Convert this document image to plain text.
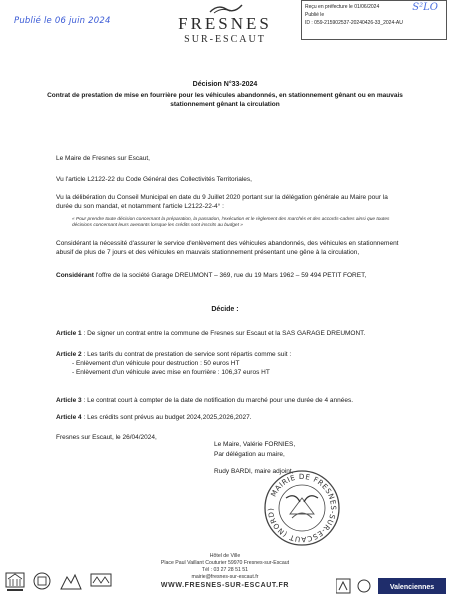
Publié le 06 juin 2024
Reçu en préfecture le 01/06/2024
Publié le
ID : 059-215902537-20240426-33_2024-AU
S²LO
FRESNES
SUR-ESCAUT
Décision N°33-2024
Contrat de prestation de mise en fourrière pour les véhicules abandonnés, en stationnement gênant ou en mauvais stationnement gênant la circulation
Le Maire de Fresnes sur Escaut,
Vu l'article L2122-22 du Code Général des Collectivités Territoriales,
Vu la délibération du Conseil Municipal en date du 9 Juillet 2020 portant sur la délégation générale au Maire pour la durée du son mandat, et notamment l'article L2122-22-4° :
« Pour prendre toute décision concernant la préparation, la passation, l'exécution et le règlement des marchés et des accords-cadres ainsi que toutes décisions concernant leurs avenants lorsque les crédits sont inscrits au budget »
Considérant la nécessité d'assurer le service d'enlèvement des véhicules abandonnés, des véhicules en stationnement abusif de plus de 7 jours et des véhicules en mauvais stationnement présentant une gêne à la circulation,
Considérant l'offre de la société Garage DREUMONT – 369, rue du 19 Mars 1962 – 59 494 PETIT FORET,
Décide :
Article 1 : De signer un contrat entre la commune de Fresnes sur Escaut et la SAS GARAGE DREUMONT.
Article 2 : Les tarifs du contrat de prestation de service sont répartis comme suit :
- Enlèvement d'un véhicule pour destruction : 50 euros HT
- Enlèvement d'un véhicule avec mise en fourrière : 106,37 euros HT
Article 3 : Le contrat court à compter de la date de notification du marché pour une durée de 4 années.
Article 4 : Les crédits sont prévus au budget 2024,2025,2026,2027.
Fresnes sur Escaut, le 26/04/2024,
Le Maire, Valérie FORNIES,
Par délégation au maire,
Rudy BARDI, maire adjoint,
MAIRIE DE FRESNES-SUR-ESCAUT (NORD)
Hôtel de Ville
Place Paul Vaillant Couturier 59970 Fresnes-sur-Escaut
Tél : 03 27 28 51 51
mairie@fresnes-sur-escaut.fr
WWW.FRESNES-SUR-ESCAUT.FR	Valenciennes
